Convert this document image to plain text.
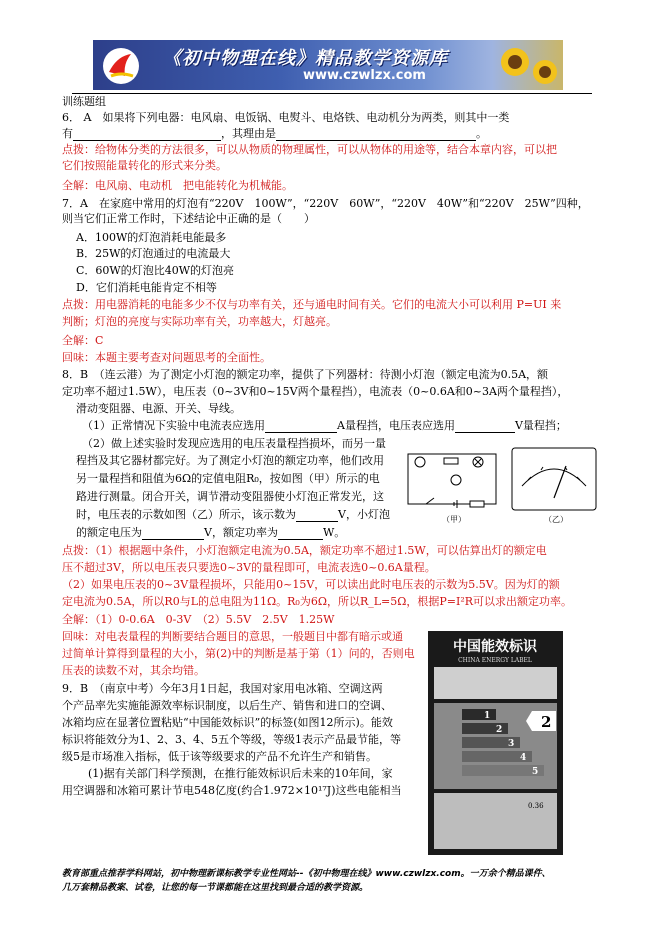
《初中物理在线》精品教学资源库
www.czwlzx.com
训练题组
6． A　如果将下列电器：电风扇、电饭锅、电熨斗、电烙铁、电动机分为两类，则其中一类
有	，其理由是	。
点拨：给物体分类的方法很多，可以从物质的物理属性，可以从物体的用途等，结合本章内容，可以把
它们按照能量转化的形式来分类。
全解：电风扇、电动机　把电能转化为机械能。
7．A　在家庭中常用的灯泡有“220V　100W”，“220V　60W”，“220V　40W”和“220V　25W”四种，
则当它们正常工作时，下述结论中正确的是（　　）
A．100W的灯泡消耗电能最多
B．25W的灯泡通过的电流最大
C．60W的灯泡比40W的灯泡亮
D．它们消耗电能肯定不相等
点拨：用电器消耗的电能多少不仅与功率有关，还与通电时间有关。它们的电流大小可以利用 P=UI 来
判断；灯泡的亮度与实际功率有关，功率越大，灯越亮。
全解：C
回味：本题主要考查对问题思考的全面性。
8．B　（连云港）为了测定小灯泡的额定功率，提供了下列器材：待测小灯泡（额定电流为0.5A，额
定功率不超过1.5W），电压表（0~3V和0~15V两个量程挡），电流表（0~0.6A和0~3A两个量程挡），
滑动变阻器、电源、开关、导线。
（1）正常情况下实验中电流表应选用	A量程挡，电压表应选用	V量程挡；
（2）做上述实验时发现应选用的电压表量程挡损坏，而另一量
程挡及其它器材都完好。为了测定小灯泡的额定功率，他们改用
另一量程挡和阻值为6Ω的定值电阻R₀，按如图（甲）所示的电
路进行测量。闭合开关，调节滑动变阻器使小灯泡正常发光，这
时，电压表的示数如图（乙）所示，该示数为	V，小灯泡
的额定电压为	V，额定功率为	W。
（甲）	（乙）
点拨：（1）根据题中条件，小灯泡额定电流为0.5A，额定功率不超过1.5W，可以估算出灯的额定电
压不超过3V，所以电压表只要选0~3V的量程即可，电流表选0~0.6A量程。
（2）如果电压表的0~3V量程损坏，只能用0~15V，可以读出此时电压表的示数为5.5V。因为灯的额
定电流为0.5A，所以R0与L的总电阻为11Ω。R₀为6Ω，所以R_L=5Ω，根据P=I²R可以求出额定功率。
全解：（1）0-0.6A　0-3V　（2）5.5V　2.5V　1.25W
回味：对电表量程的判断要结合题目的意思，一般题目中都有暗示或通
过简单计算得到量程的大小，第(2)中的判断是基于第（1）问的，否则电
压表的读数不对，其余均错。
9．B　（南京中考）今年3月1日起，我国对家用电冰箱、空调这两
个产品率先实施能源效率标识制度，以后生产、销售和进口的空调、
冰箱均应在显著位置粘贴“中国能效标识”的标签(如图12所示)。能效
标识将能效分为1、2、3、4、5五个等级，等级1表示产品最节能，等
级5是市场准入指标，低于该等级要求的产品不允许生产和销售。
(1)据有关部门科学预测，在推行能效标识后未来的10年间，家
用空调器和冰箱可累计节电548亿度(约合1.972×10¹⁷J)这些电能相当
中国能效标识
CHINA ENERGY LABEL
1
2
3
4
5
2
0.36
教育部重点推荐学科网站，初中物理新课标教学专业性网站--《初中物理在线》www.czwlzx.com。一万余个精品课件、
几万套精品教案、试卷，让您的每一节课都能在这里找到最合适的教学资源。
